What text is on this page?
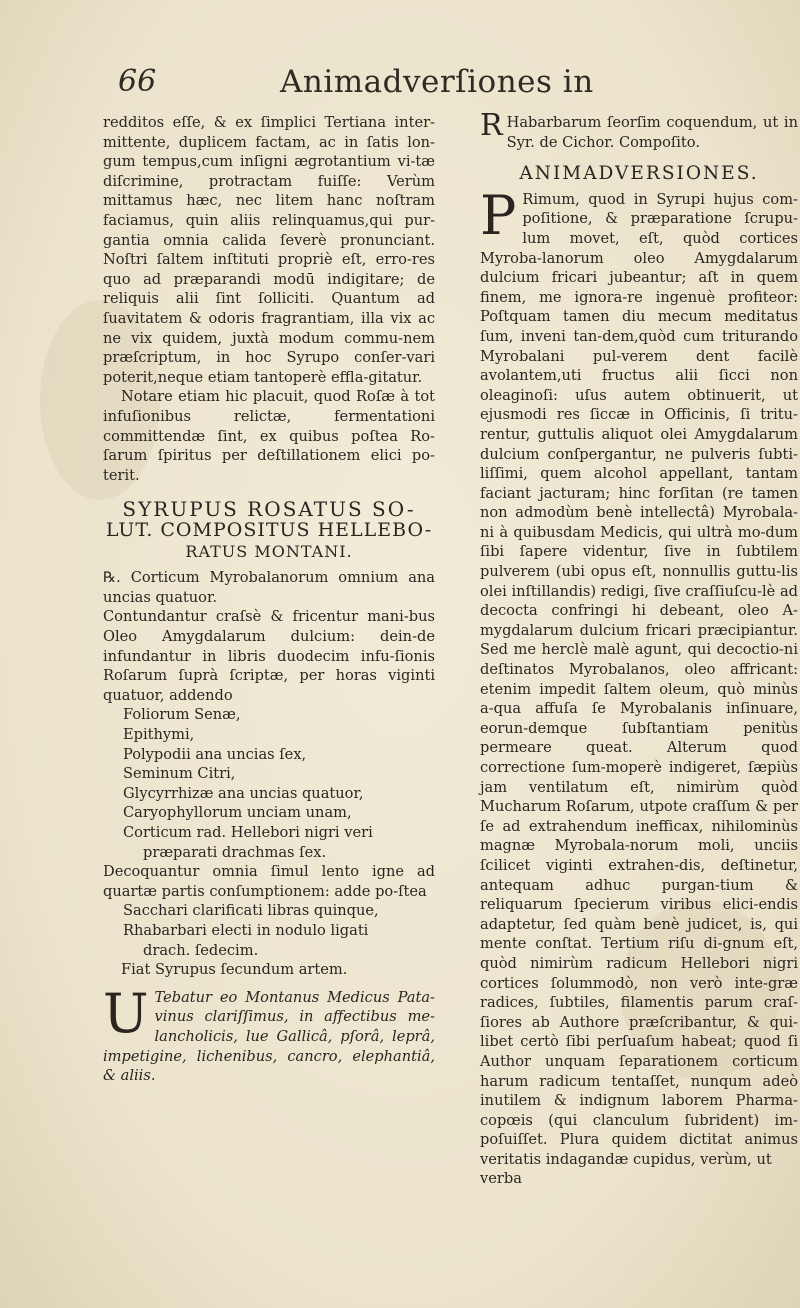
66	Animadverſiones in

redditos eſſe, & ex ſimplici Tertiana inter-mittente, duplicem factam, ac in ſatis lon-gum tempus,cum inſigni ægrotantium vi-tæ diſcrimine, protractam fuiſſe: Verùm mittamus hæc, nec litem hanc noſtram faciamus, quin aliis relinquamus,qui pur-gantia omnia calida ſeverè pronunciant. Noſtri ſaltem inſtituti propriè eſt, erro-res quo ad præparandi modū indigitare; de reliquis alii ſint ſolliciti. Quantum ad ſuavitatem & odoris fragrantiam, illa vix ac ne vix quidem, juxtà modum commu-nem præſcriptum, in hoc Syrupo conſer-vari poterit,neque etiam tantoperè effla-gitatur.

Notare etiam hic placuit, quod Roſæ à tot infuſionibus relictæ, fermentationi committendæ ſint, ex quibus poſtea Ro-ſarum ſpiritus per deſtillationem elici po-terit.

SYRUPUS ROSATUS SO-
LUT. COMPOSITUS HELLEBO-
RATUS MONTANI.

℞. Corticum Myrobalanorum omnium ana uncias quatuor.

Contundantur craſsè & fricentur mani-bus Oleo Amygdalarum dulcium: dein-de infundantur in libris duodecim infu-ſionis Roſarum ſuprà ſcriptæ, per horas viginti quatuor, addendo

Foliorum Senæ,
Epithymi,
Polypodii ana uncias ſex,
Seminum Citri,
Glycyrrhizæ ana uncias quatuor,
Caryophyllorum unciam unam,
Corticum rad. Hellebori nigri veri
præparati drachmas ſex.

Decoquantur omnia ſimul lento igne ad quartæ partis conſumptionem: adde po-ſtea

Sacchari clarificati libras quinque,
Rhabarbari electi in nodulo ligati
drach. ſedecim.

Fiat Syrupus ſecundum artem.

U Tebatur eo Montanus Medicus Pata-vinus clariſſimus, in affectibus me-lancholicis, lue Gallicâ, pſorâ, leprâ, impetigine, lichenibus, cancro, elephantiâ, & aliis.

R Habarbarum ſeorſim coquendum, ut in Syr. de Cichor. Compoſito.

ANIMADVERSIONES.

P Rimum, quod in Syrupi hujus com-poſitione, & præparatione ſcrupu-lum movet, eſt, quòd cortices Myroba-lanorum oleo Amygdalarum dulcium fricari jubeantur; aſt in quem finem, me ignora-re ingenuè profiteor: Poſtquam tamen diu mecum meditatus ſum, inveni tan-dem,quòd cum triturando Myrobalani pul-verem dent facilè avolantem,uti fructus alii ſicci non oleaginoſi: uſus autem obtinuerit, ut ejusmodi res ſiccæ in Officinis, ſi tritu-rentur, guttulis aliquot olei Amygdalarum dulcium conſpergantur, ne pulveris ſubti-liſſimi, quem alcohol appellant, tantam faciant jacturam; hinc forſitan (re tamen non admodùm benè intellectâ) Myrobala-ni à quibusdam Medicis, qui ultrà mo-dum ſibi ſapere videntur, ſive in ſubtilem pulverem (ubi opus eſt, nonnullis guttu-lis olei inſtillandis) redigi, ſive craſſiuſcu-lè ad decocta confringi hi debeant, oleo A-mygdalarum dulcium fricari præcipiantur. Sed me herclè malè agunt, qui decoctio-ni deſtinatos Myrobalanos, oleo affricant: etenim impedit ſaltem oleum, quò minùs a-qua affuſa ſe Myrobalanis inſinuare, eorun-demque ſubſtantiam penitùs permeare queat. Alterum quod correctione ſum-moperè indigeret, ſæpiùs jam ventilatum eſt, nimirùm quòd Mucharum Roſarum, utpote craſſum & per ſe ad extrahendum inefficax, nihilominùs magnæ Myrobala-norum moli, unciis ſcilicet viginti extrahen-dis, deſtinetur, antequam adhuc purgan-tium & reliquarum ſpecierum viribus elici-endis adaptetur, ſed quàm benè judicet, is, qui mente conſtat. Tertium riſu di-gnum eſt, quòd nimirùm radicum Hellebori nigri cortices ſolummodò, non verò inte-græ radices, ſubtiles, filamentis parum craſ-ſiores ab Authore præſcribantur, & qui-libet certò ſibi perſuaſum habeat; quod ſi Author unquam ſeparationem corticum harum radicum tentaſſet, nunqum adeò inutilem & indignum laborem Pharma-copœis (qui clanculum ſubrident) im-poſuiſſet. Plura quidem dictitat animus veritatis indagandæ cupidus, verùm, ut

verba
